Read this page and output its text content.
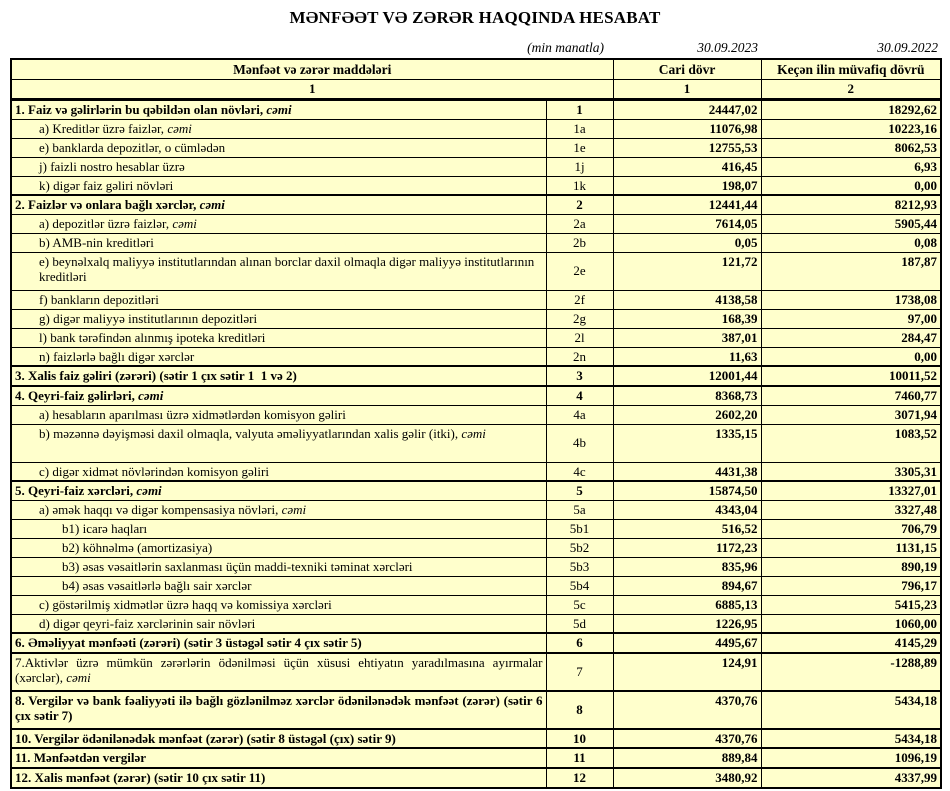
MƏNFƏƏT VƏ ZƏRƏR HAQQINDA HESABAT
(min manatla)	30.09.2023	30.09.2022
Mənfəət və zərər maddələri		Cari dövr	Keçən ilin müvafiq dövrü
1		1	2
1. Faiz və gəlirlərin bu qəbildən olan növləri, cəmi	1	24447,02	18292,62
a) Kreditlər üzrə faizlər, cəmi	1a	11076,98	10223,16
e) banklarda depozitlər, o cümlədən	1e	12755,53	8062,53
j) faizli nostro hesablar üzrə	1j	416,45	6,93
k) digər faiz gəliri növləri	1k	198,07	0,00
2. Faizlər və onlara bağlı xərclər, cəmi	2	12441,44	8212,93
a) depozitlər üzrə faizlər, cəmi	2a	7614,05	5905,44
b) AMB-nin kreditləri	2b	0,05	0,08
e) beynəlxalq maliyyə institutlarından alınan borclar daxil olmaqla digər maliyyə institutlarının kreditləri	2e	121,72	187,87
f) bankların depozitləri	2f	4138,58	1738,08
g) digər maliyyə institutlarının depozitləri	2g	168,39	97,00
l) bank tərəfindən alınmış ipoteka kreditləri	2l	387,01	284,47
n) faizlərlə bağlı digər xərclər	2n	11,63	0,00
3. Xalis faiz gəliri (zərəri) (sətir 1 çıx sətir 1  1 və 2)	3	12001,44	10011,52
4. Qeyri-faiz gəlirləri, cəmi	4	8368,73	7460,77
a) hesabların aparılması üzrə xidmətlərdən komisyon gəliri	4a	2602,20	3071,94
b) məzənnə dəyişməsi daxil olmaqla, valyuta əməliyyatlarından xalis gəlir (itki), cəmi	4b	1335,15	1083,52
c) digər xidmət növlərindən komisyon gəliri	4c	4431,38	3305,31
5. Qeyri-faiz xərcləri, cəmi	5	15874,50	13327,01
a) əmək haqqı və digər kompensasiya növləri, cəmi	5a	4343,04	3327,48
b1) icarə haqları	5b1	516,52	706,79
b2) köhnəlmə (amortizasiya)	5b2	1172,23	1131,15
b3) əsas vəsaitlərin saxlanması üçün maddi-texniki təminat xərcləri	5b3	835,96	890,19
b4) əsas vəsaitlərlə bağlı sair xərclər	5b4	894,67	796,17
c) göstərilmiş xidmətlər üzrə haqq və komissiya xərcləri	5c	6885,13	5415,23
d) digər qeyri-faiz xərclərinin sair növləri	5d	1226,95	1060,00
6. Əməliyyat mənfəəti (zərəri) (sətir 3 üstəgəl sətir 4 çıx sətir 5)	6	4495,67	4145,29
7.Aktivlər üzrə mümkün zərərlərin ödənilməsi üçün xüsusi ehtiyatın yaradılmasına ayırmalar (xərclər), cəmi	7	124,91	-1288,89
8. Vergilər və bank fəaliyyəti ilə bağlı gözlənilməz xərclər ödənilənədək mənfəət (zərər) (sətir 6 çıx sətir 7)	8	4370,76	5434,18
10. Vergilər ödənilənədək mənfəət (zərər) (sətir 8 üstəgəl (çıx) sətir 9)	10	4370,76	5434,18
11. Mənfəətdən vergilər	11	889,84	1096,19
12. Xalis mənfəət (zərər) (sətir 10 çıx sətir 11)	12	3480,92	4337,99
